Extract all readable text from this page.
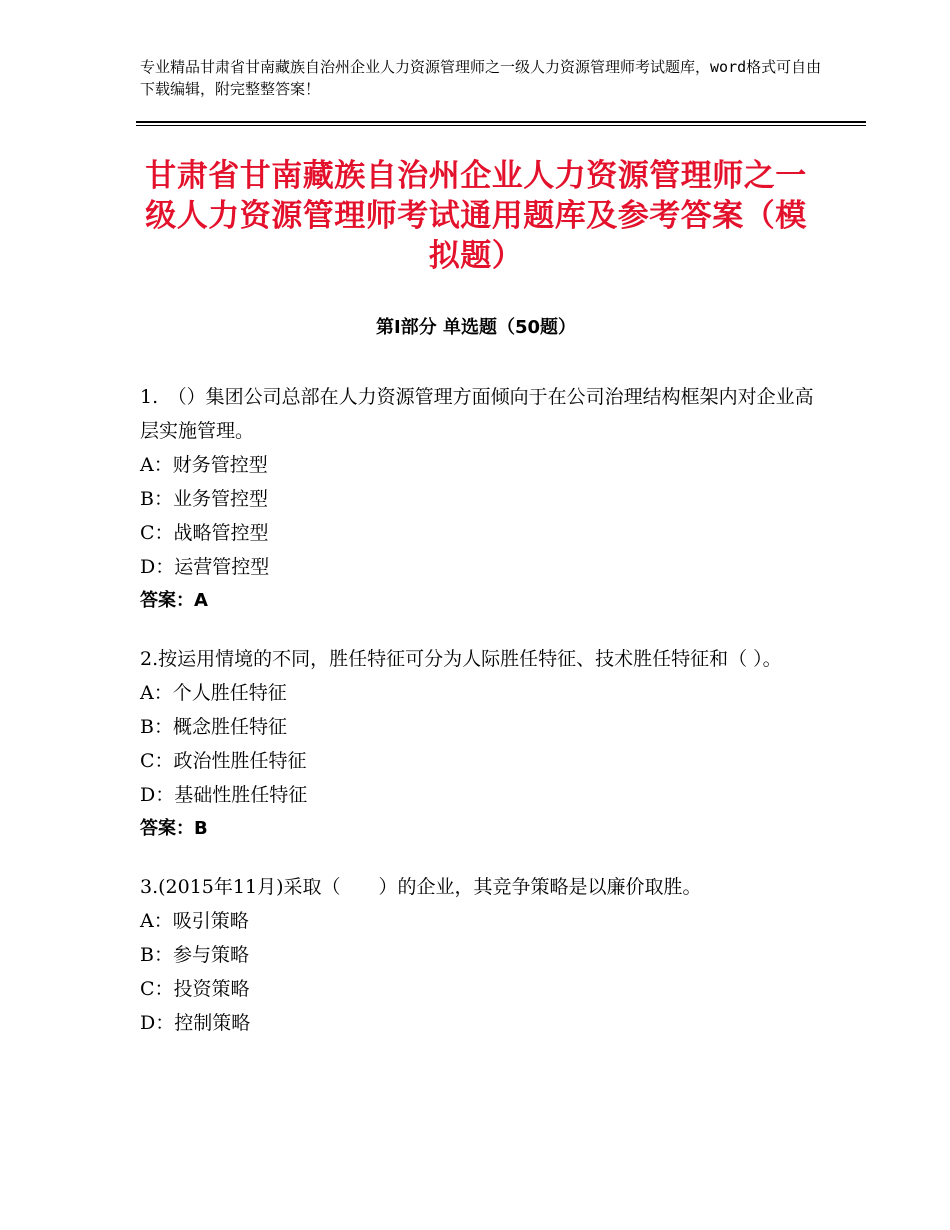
专业精品甘肃省甘南藏族自治州企业人力资源管理师之一级人力资源管理师考试题库，word格式可自由下载编辑，附完整整答案！
甘肃省甘南藏族自治州企业人力资源管理师之一级人力资源管理师考试通用题库及参考答案（模拟题）
第Ⅰ部分 单选题（50题）
1.　（）集团公司总部在人力资源管理方面倾向于在公司治理结构框架内对企业高层实施管理。
A：财务管控型
B：业务管控型
C：战略管控型
D：运营管控型
答案：A
2.按运用情境的不同，胜任特征可分为人际胜任特征、技术胜任特征和（ ）。
A：个人胜任特征
B：概念胜任特征
C：政治性胜任特征
D：基础性胜任特征
答案：B
3.(2015年11月)采取（　　）的企业，其竞争策略是以廉价取胜。
A：吸引策略
B：参与策略
C：投资策略
D：控制策略
